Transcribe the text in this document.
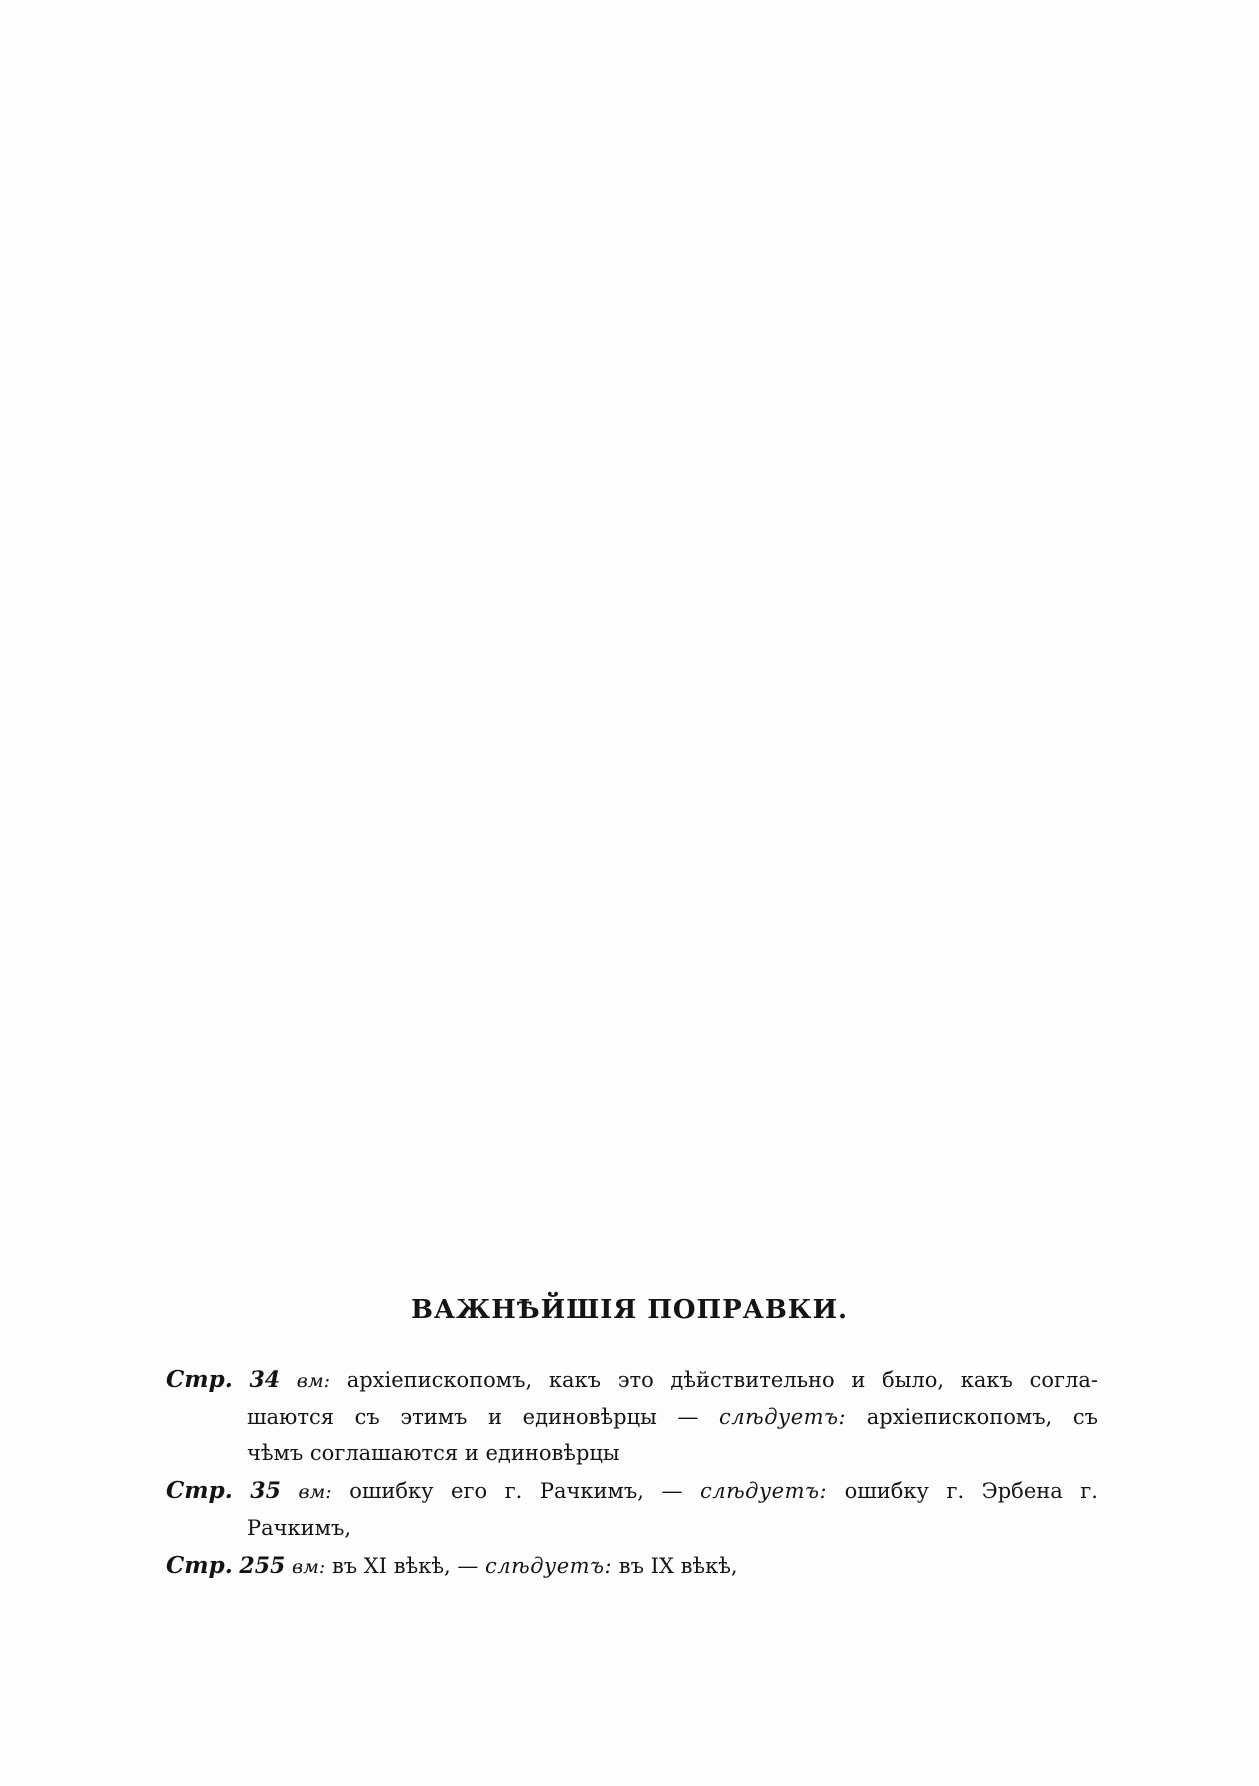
ВАЖНѢЙШІЯ ПОПРАВКИ.
Стр. 34 вм: архіепископомъ, какъ это дѣйствительно и было, какъ согла-
шаются съ этимъ и единовѣрцы — слѣдуетъ: архіепископомъ, съ
чѣмъ соглашаются и единовѣрцы
Стр. 35 вм: ошибку его г. Рачкимъ, — слѣдуетъ: ошибку г. Эрбена г.
Рачкимъ,
Стр. 255 вм: въ XI вѣкѣ, — слѣдуетъ: въ IX вѣкѣ,
